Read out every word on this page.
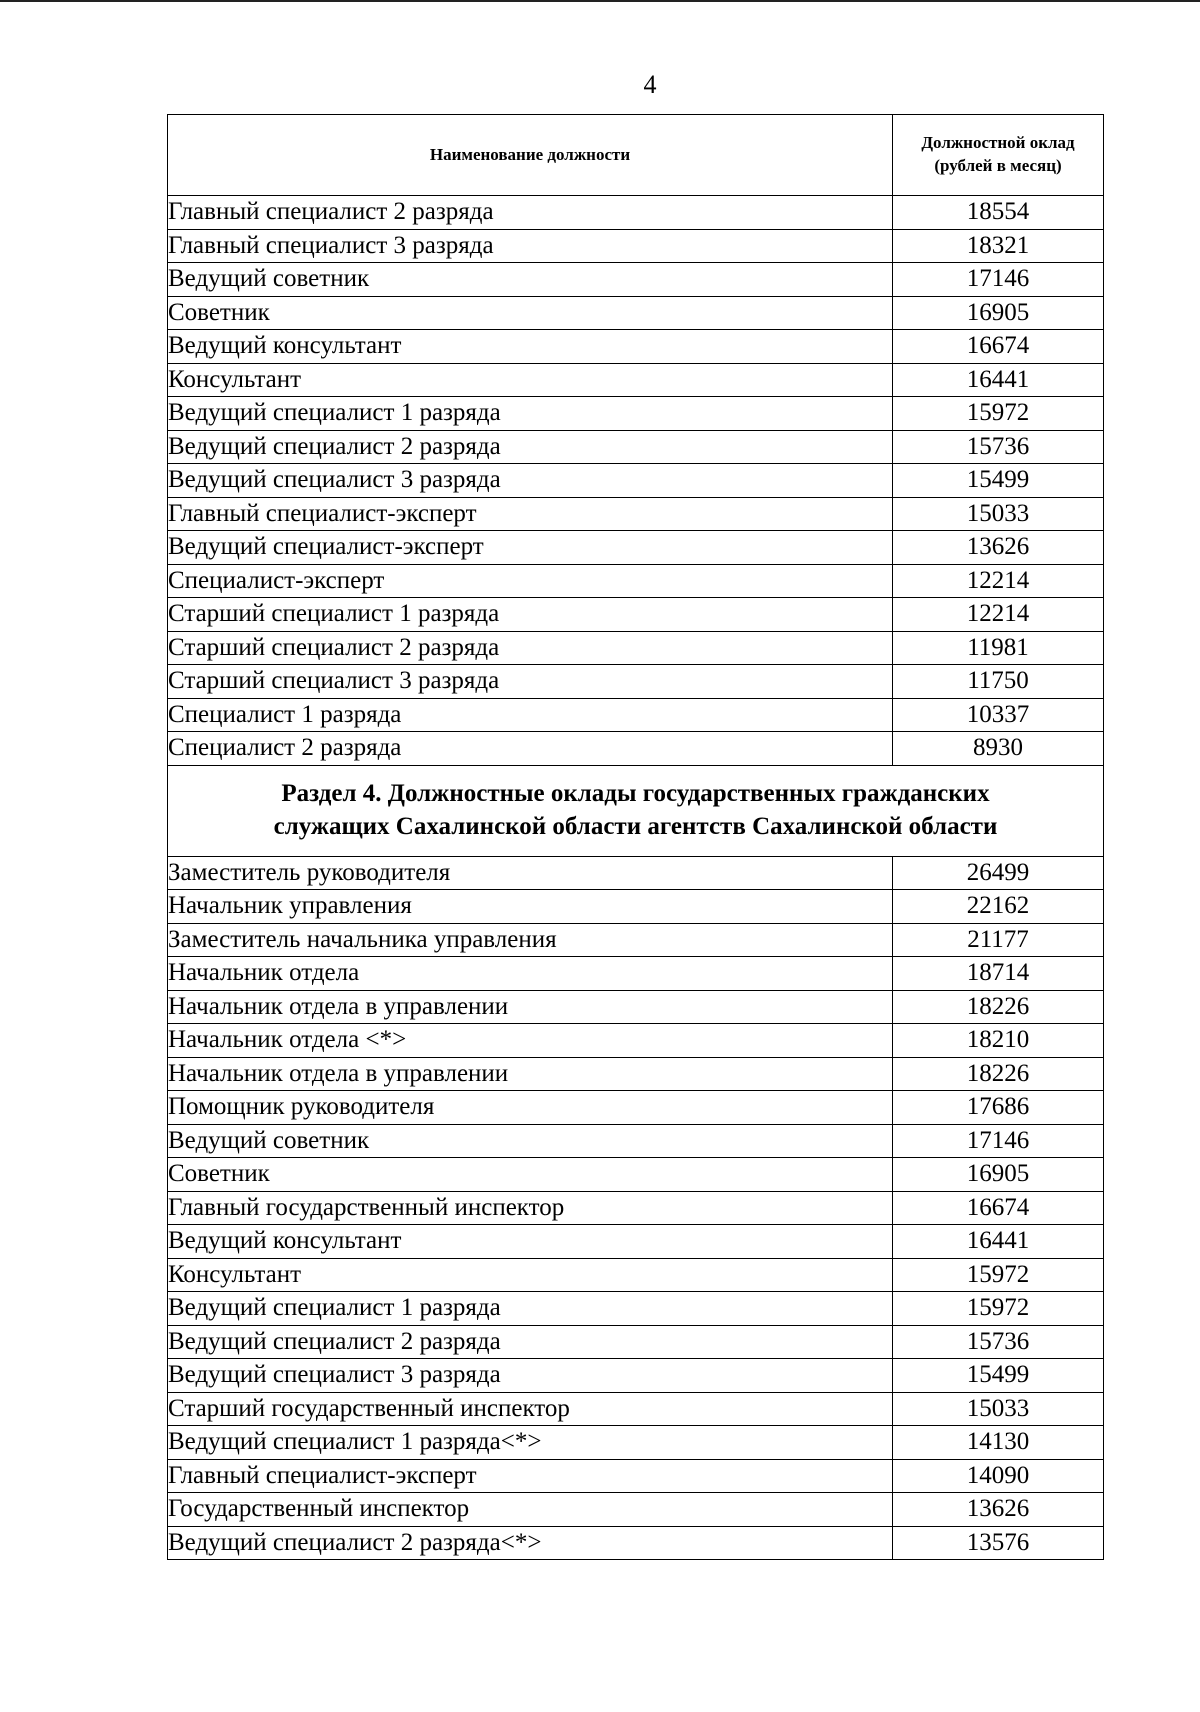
4
Наименование должности	Должностной оклад
(рублей в месяц)

Главный специалист 2 разряда	18554
Главный специалист 3 разряда	18321
Ведущий советник	17146
Советник	16905
Ведущий консультант	16674
Консультант	16441
Ведущий специалист 1 разряда	15972
Ведущий специалист 2 разряда	15736
Ведущий специалист 3 разряда	15499
Главный специалист-эксперт	15033
Ведущий специалист-эксперт	13626
Специалист-эксперт	12214
Старший специалист 1 разряда	12214
Старший специалист 2 разряда	11981
Старший специалист 3 разряда	11750
Специалист 1 разряда	10337
Специалист 2 разряда	8930

Раздел 4. Должностные оклады государственных гражданских
служащих Сахалинской области агентств Сахалинской области	

Заместитель руководителя	26499
Начальник управления	22162
Заместитель начальника управления	21177
Начальник отдела	18714
Начальник отдела в управлении	18226
Начальник отдела <*>	18210
Начальник отдела в управлении	18226
Помощник руководителя	17686
Ведущий советник	17146
Советник	16905
Главный государственный инспектор	16674
Ведущий консультант	16441
Консультант	15972
Ведущий специалист 1 разряда	15972
Ведущий специалист 2 разряда	15736
Ведущий специалист 3 разряда	15499
Старший государственный инспектор	15033
Ведущий специалист 1 разряда<*>	14130
Главный специалист-эксперт	14090
Государственный инспектор	13626
Ведущий специалист 2 разряда<*>	13576
